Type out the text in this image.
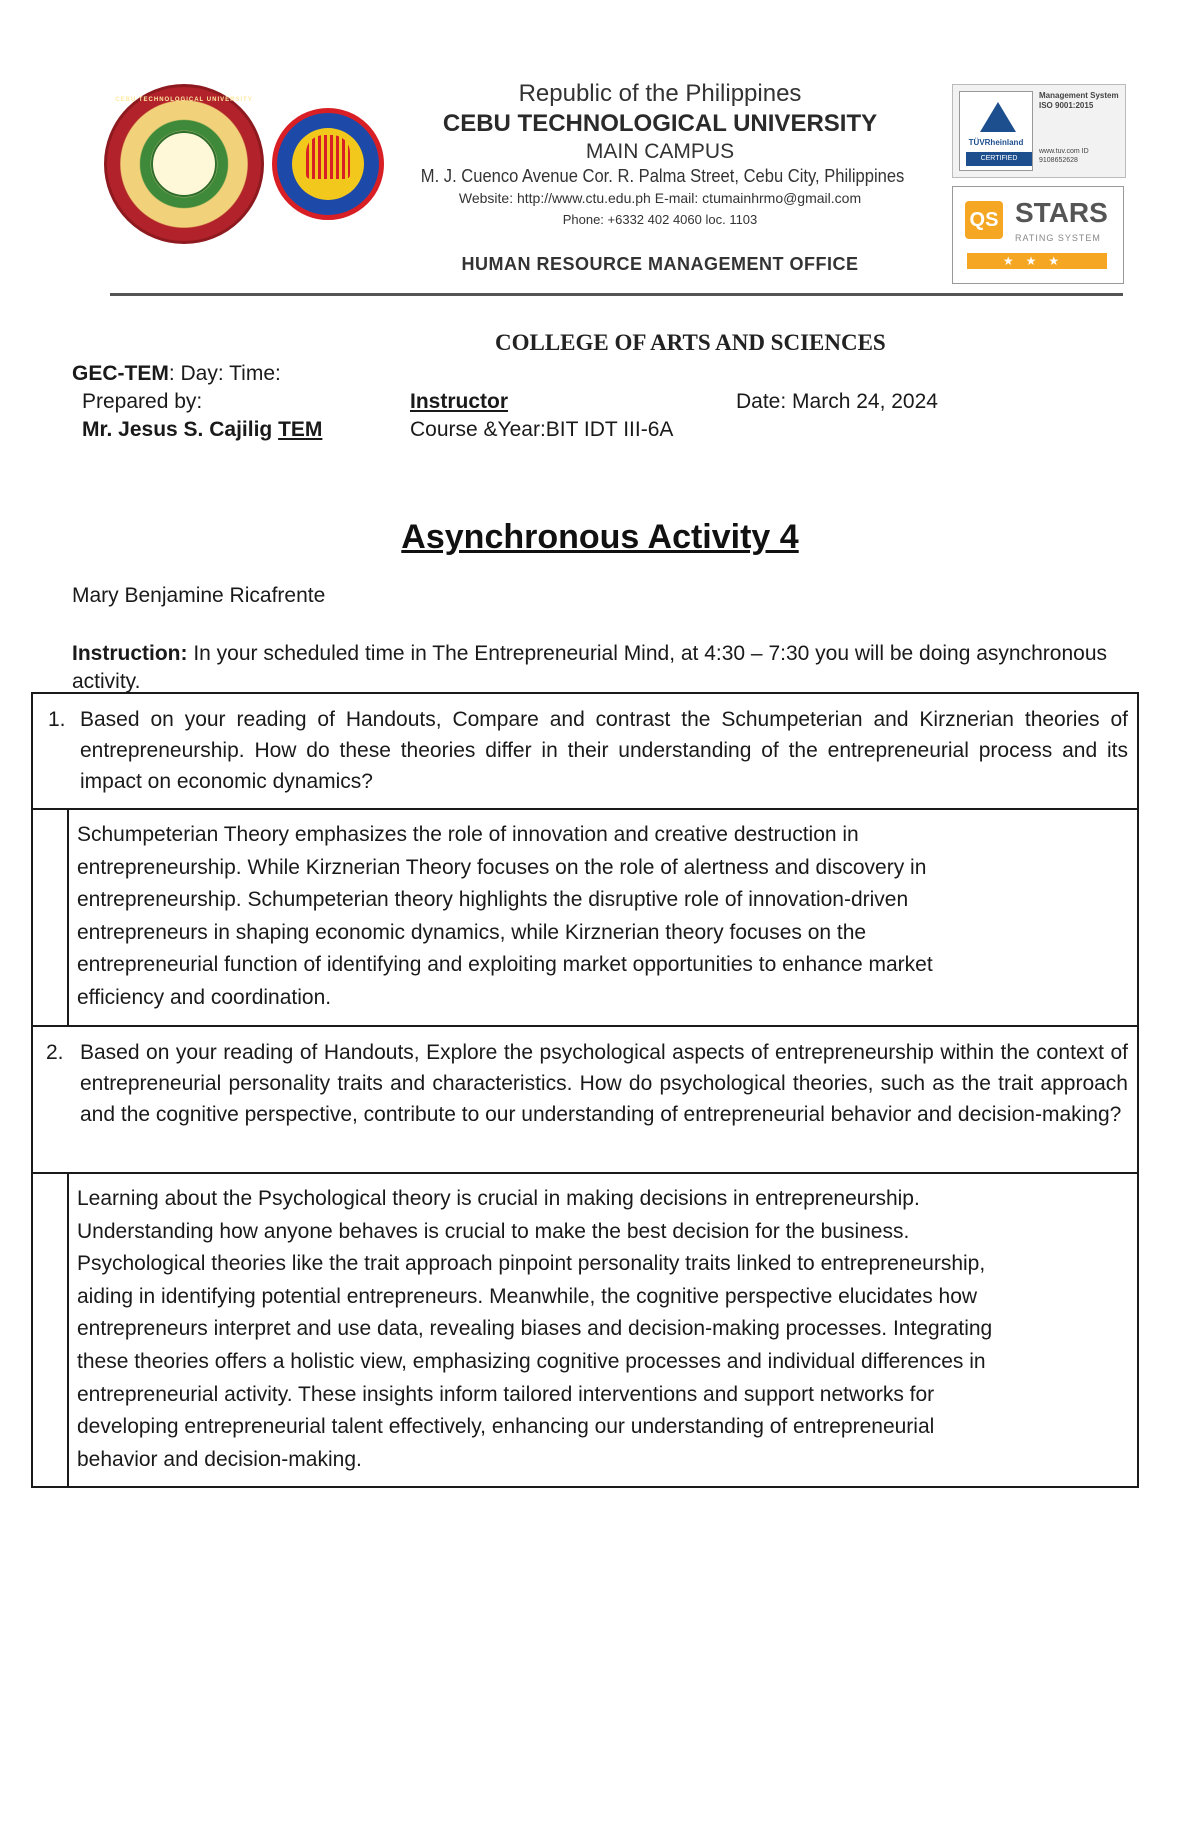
CEBU TECHNOLOGICAL UNIVERSITY	Republic of the Philippines
CEBU TECHNOLOGICAL UNIVERSITY
MAIN CAMPUS
M. J. Cuenco Avenue Cor. R. Palma Street, Cebu City, Philippines
Website: http://www.ctu.edu.ph E-mail: ctumainhrmo@gmail.com
Phone: +6332 402 4060 loc. 1103
HUMAN RESOURCE MANAGEMENT OFFICE
TÜVRheinland
CERTIFIED
Management System ISO 9001:2015
www.tuv.com ID 9108652628
QS STARS
RATING SYSTEM
★★★
COLLEGE OF ARTS AND SCIENCES
GEC-TEM: Day: Time:
Prepared by:
Mr. Jesus S. Cajilig TEM
Instructor
Course &Year:BIT IDT III-6A
Date: March 24, 2024
Asynchronous Activity 4
Mary Benjamine Ricafrente
Instruction: In your scheduled time in The Entrepreneurial Mind, at 4:30 – 7:30 you will be doing asynchronous activity.
1. Based on your reading of Handouts, Compare and contrast the Schumpeterian and Kirznerian theories of entrepreneurship. How do these theories differ in their understanding of the entrepreneurial process and its impact on economic dynamics?
Schumpeterian Theory emphasizes the role of innovation and creative destruction in
entrepreneurship. While Kirznerian Theory focuses on the role of alertness and discovery in
entrepreneurship. Schumpeterian theory highlights the disruptive role of innovation-driven
entrepreneurs in shaping economic dynamics, while Kirznerian theory focuses on the
entrepreneurial function of identifying and exploiting market opportunities to enhance market
efficiency and coordination.
2. Based on your reading of Handouts, Explore the psychological aspects of entrepreneurship within the context of entrepreneurial personality traits and characteristics. How do psychological theories, such as the trait approach and the cognitive perspective, contribute to our understanding of entrepreneurial behavior and decision-making?
Learning about the Psychological theory is crucial in making decisions in entrepreneurship.
Understanding how anyone behaves is crucial to make the best decision for the business.
Psychological theories like the trait approach pinpoint personality traits linked to entrepreneurship,
aiding in identifying potential entrepreneurs. Meanwhile, the cognitive perspective elucidates how
entrepreneurs interpret and use data, revealing biases and decision-making processes. Integrating
these theories offers a holistic view, emphasizing cognitive processes and individual differences in
entrepreneurial activity. These insights inform tailored interventions and support networks for
developing entrepreneurial talent effectively, enhancing our understanding of entrepreneurial
behavior and decision-making.
